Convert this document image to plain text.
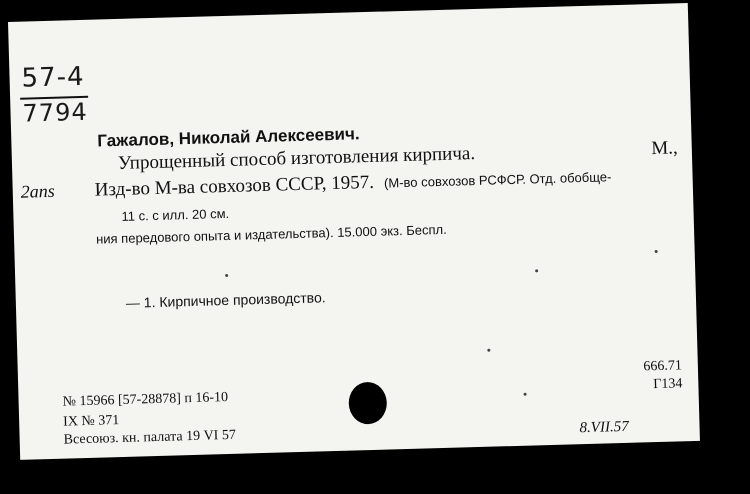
57-4
7794
2ans
Гажалов, Николай Алексеевич.
Упрощенный способ изготовления кирпича.	М.,
Изд-во М-ва совхозов СССР, 1957. (М-во совхозов РСФСР. Отд. обобще-
11 с. с илл. 20 см.
ния передового опыта и издательства). 15.000 экз. Беспл.
— 1. Кирпичное производство.
№ 15966 [57-28878] п 16-10
IX № 371
Всесоюз. кн. палата 19 VI 57
666.71
Г134
8.VII.57
